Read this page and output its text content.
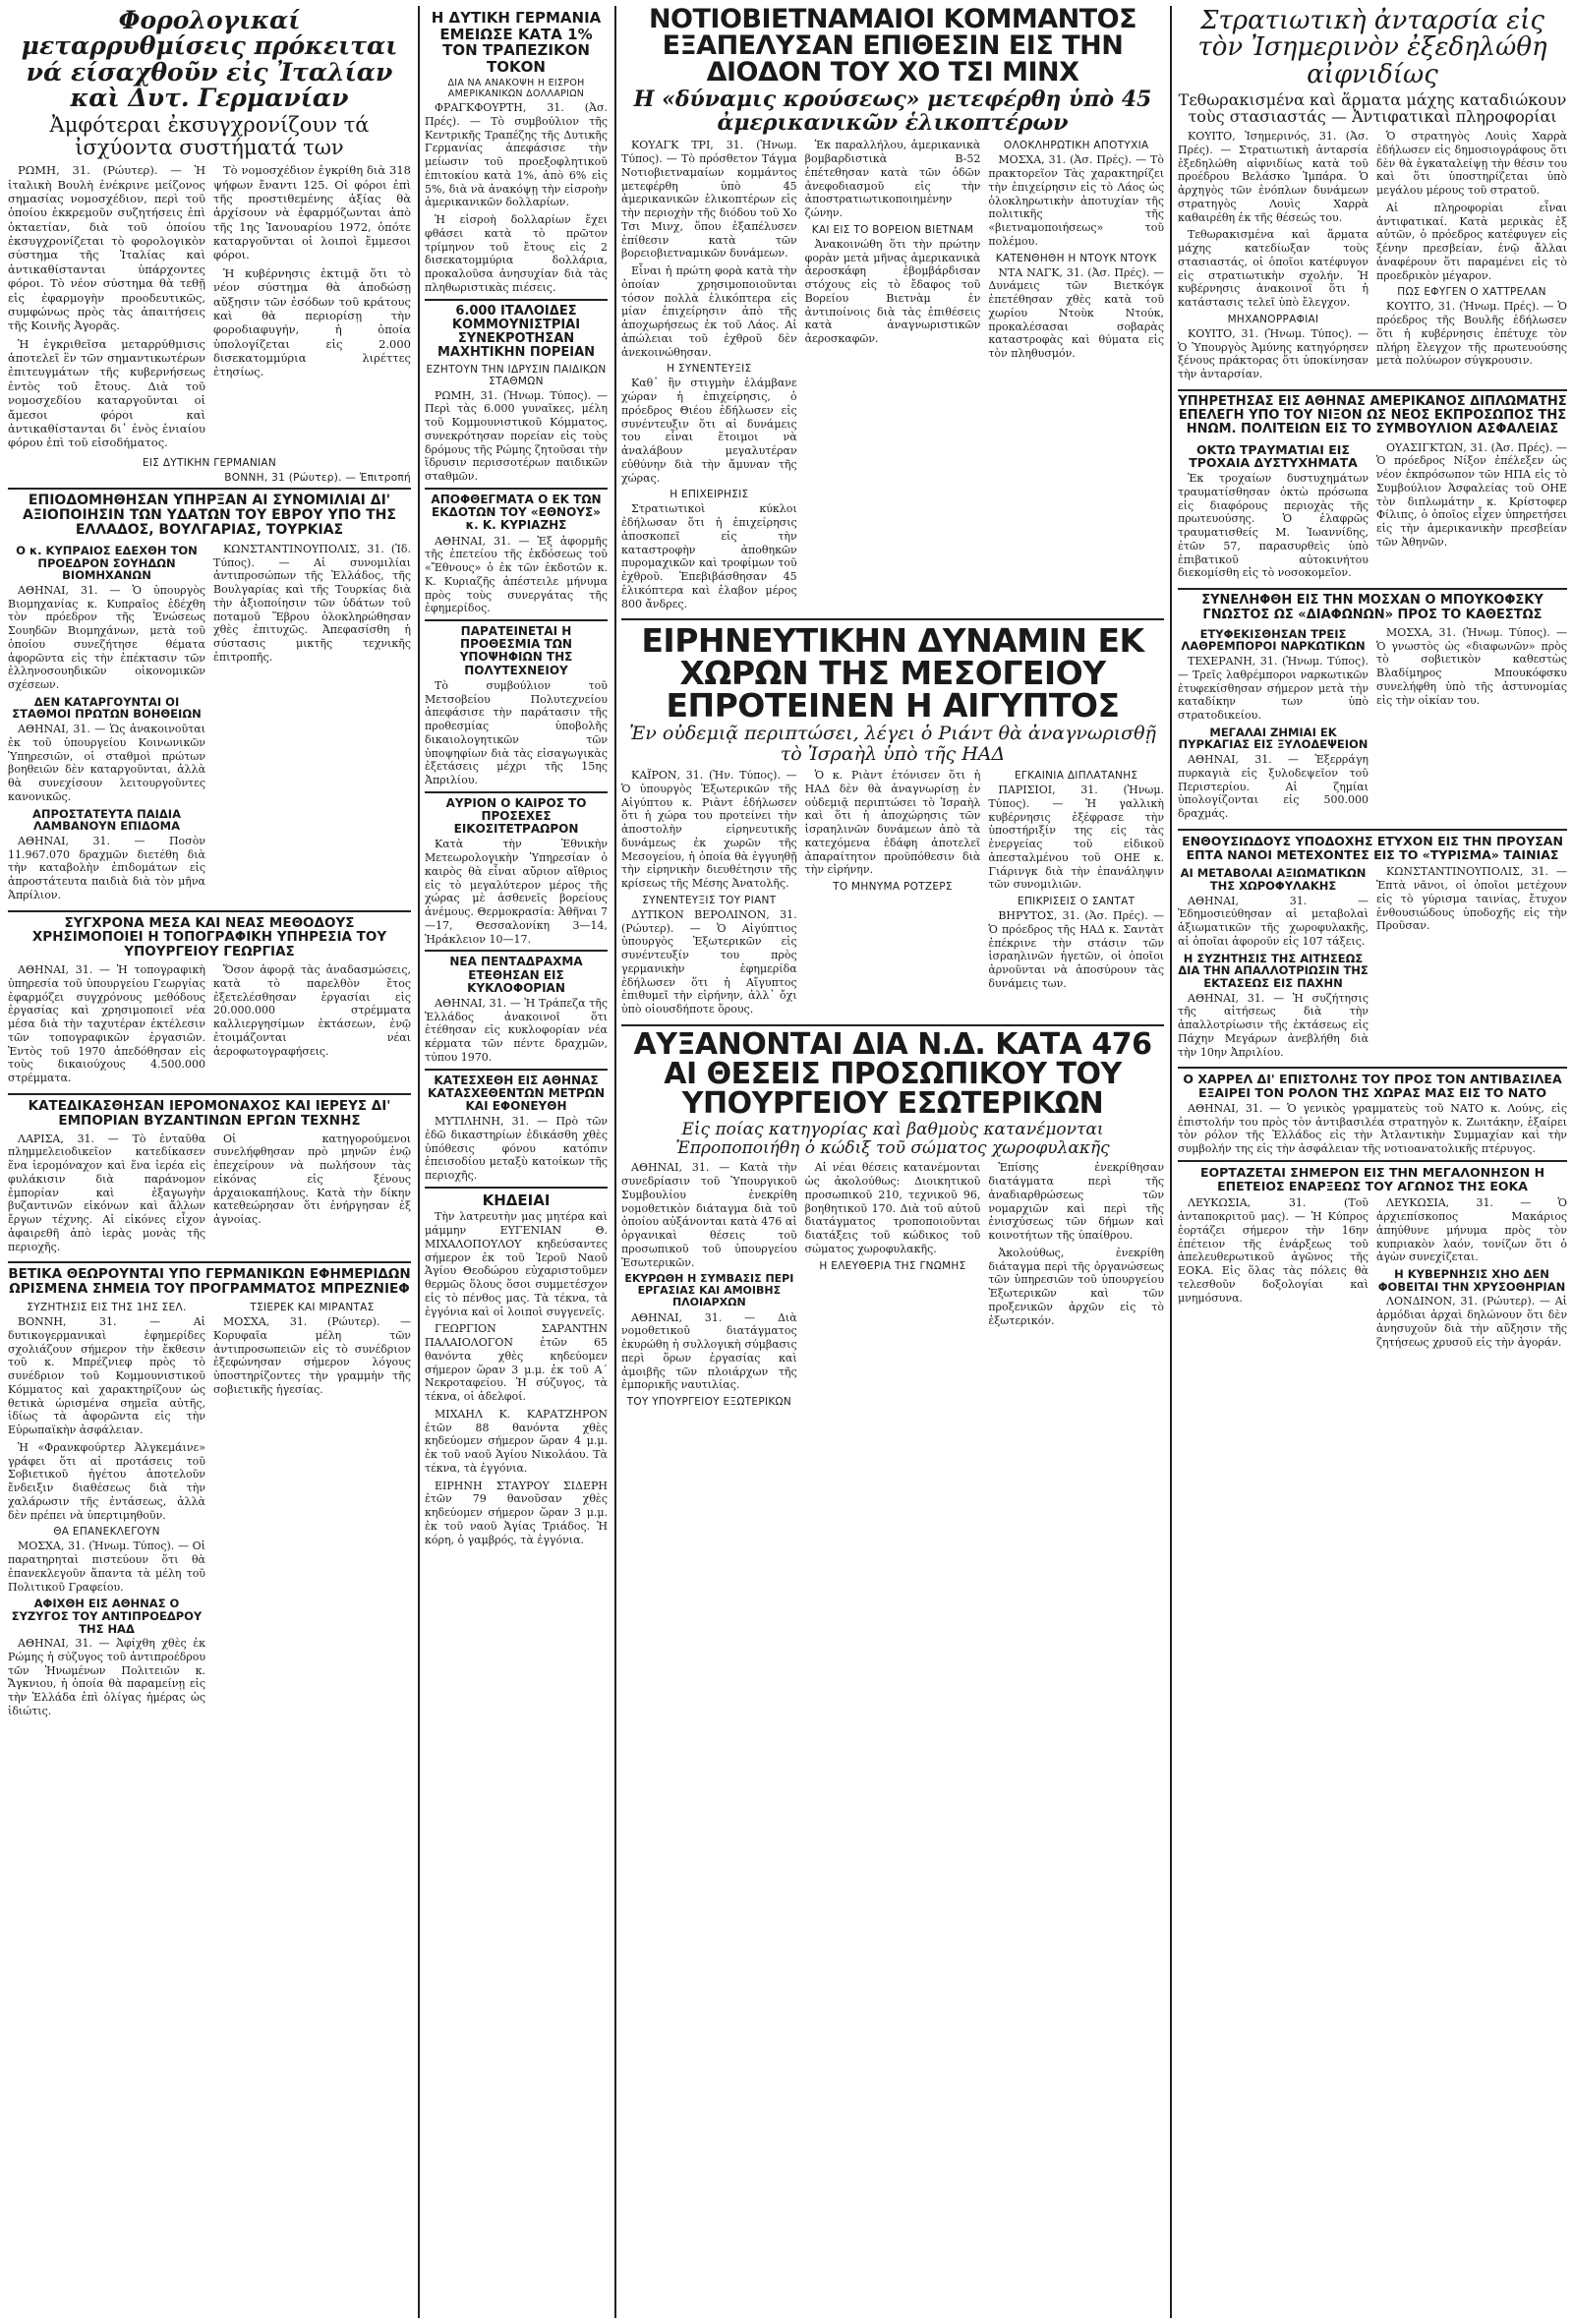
Φορολογικαί μεταρρυθμίσεις πρόκειται νά είσαχθοῦν εἰς Ἰταλίαν καὶ Δυτ. Γερμανίαν
Ἀμφότεραι ἐκσυγχρονίζουν τά ἰσχύοντα συστήματά των

ΡΩΜΗ, 31. (Ρώυτερ). — Ἡ ἰταλικὴ Βουλὴ ἐνέκρινε μείζονος σημασίας νομοσχέδιον, περὶ τοῦ ὁποίου ἐκκρεμοῦν συζητήσεις ἐπὶ ὁκταετίαν, διὰ τοῦ ὁποίου ἐκσυγχρονίζεται τὸ φορολογικὸν σύστημα τῆς Ἰταλίας καὶ ἀντικαθίστανται ὑπάρχοντες φόροι. Τὸ νέον σύστημα θὰ τεθῇ εἰς ἐφαρμογὴν προοδευτικῶς, συμφώνως πρὸς τὰς ἀπαιτήσεις τῆς Κοινῆς Ἀγορᾶς.

Ἡ ἐγκριθεῖσα μεταρρύθμισις ἀποτελεῖ ἓν τῶν σημαντικωτέρων ἐπιτευγμάτων τῆς κυβερνήσεως ἐντὸς τοῦ ἔτους. Διὰ τοῦ νομοσχεδίου καταργοῦνται οἱ ἄμεσοι φόροι καὶ ἀντικαθίστανται δι᾿ ἑνὸς ἑνιαίου φόρου ἐπὶ τοῦ εἰσοδήματος.

Τὸ νομοσχέδιον ἐγκρίθη διὰ 318 ψήφων ἔναντι 125. Οἱ φόροι ἐπὶ τῆς προστιθεμένης ἀξίας θὰ ἀρχίσουν νὰ ἐφαρμόζωνται ἀπὸ τῆς 1ης Ἰανουαρίου 1972, ὁπότε καταργοῦνται οἱ λοιποὶ ἔμμεσοι φόροι.

Ἡ κυβέρνησις ἐκτιμᾷ ὅτι τὸ νέον σύστημα θὰ ἀποδώσῃ αὔξησιν τῶν ἐσόδων τοῦ κράτους καὶ θὰ περιορίσῃ τὴν φοροδιαφυγήν, ἡ ὁποία ὑπολογίζεται εἰς 2.000 δισεκατομμύρια λιρέττες ἐτησίως.

ΕΙΣ ΔΥΤΙΚΗΝ ΓΕΡΜΑΝΙΑΝ
ΒΟΝΝΗ, 31 (Ρώυτερ). — Ἐπιτροπή
ΕΠΙΟΔΟΜΗΘΗΣΑΝ ΥΠΗΡΞΑΝ ΑΙ ΣΥΝΟΜΙΛΙΑΙ ΔΙ' ΑΞΙΟΠΟΙΗΣΙΝ ΤΩΝ ΥΔΑΤΩΝ ΤΟΥ ΕΒΡΟΥ ΥΠΟ ΤΗΣ ΕΛΛΑΔΟΣ, ΒΟΥΛΓΑΡΙΑΣ, ΤΟΥΡΚΙΑΣ
Ο κ. ΚΥΠΡΑΙΟΣ ΕΔΕΧΘΗ ΤΟΝ ΠΡΟΕΔΡΟΝ ΣΟΥΗΔΩΝ ΒΙΟΜΗΧΑΝΩΝ

ΑΘΗΝΑΙ, 31. — Ὁ ὑπουργὸς Βιομηχανίας κ. Κυπραῖος ἐδέχθη τὸν πρόεδρον τῆς Ἑνώσεως Σουηδῶν Βιομηχάνων, μετὰ τοῦ ὁποίου συνεζήτησε θέματα ἀφορῶντα εἰς τὴν ἐπέκτασιν τῶν ἑλληνοσουηδικῶν οἰκονομικῶν σχέσεων.

ΔΕΝ ΚΑΤΑΡΓΟΥΝΤΑΙ ΟΙ ΣΤΑΘΜΟΙ ΠΡΩΤΩΝ ΒΟΗΘΕΙΩΝ

ΑΘΗΝΑΙ, 31. — Ὡς ἀνακοινοῦται ἐκ τοῦ ὑπουργείου Κοινωνικῶν Ὑπηρεσιῶν, οἱ σταθμοὶ πρώτων βοηθειῶν δὲν καταργοῦνται, ἀλλὰ θὰ συνεχίσουν λειτουργοῦντες κανονικῶς.

ΑΠΡΟΣΤΑΤΕΥΤΑ ΠΑΙΔΙΑ ΛΑΜΒΑΝΟΥΝ ΕΠΙΔΟΜΑ

ΑΘΗΝΑΙ, 31. — Ποσὸν 11.967.070 δραχμῶν διετέθη διὰ τὴν καταβολὴν ἐπιδομάτων εἰς ἀπροστάτευτα παιδιὰ διὰ τὸν μῆνα Ἀπρίλιον.

ΚΩΝΣΤΑΝΤΙΝΟΥΠΟΛΙΣ, 31. (Ἰδ. Τύπος). — Αἱ συνομιλίαι ἀντιπροσώπων τῆς Ἑλλάδος, τῆς Βουλγαρίας καὶ τῆς Τουρκίας διὰ τὴν ἀξιοποίησιν τῶν ὑδάτων τοῦ ποταμοῦ Ἕβρου ὁλοκληρώθησαν χθὲς ἐπιτυχῶς. Ἀπεφασίσθη ἡ σύστασις μικτῆς τεχνικῆς ἐπιτροπῆς.

ΣΥΓΧΡΟΝΑ ΜΕΣΑ ΚΑΙ ΝΕΑΣ ΜΕΘΟΔΟΥΣ ΧΡΗΣΙΜΟΠΟΙΕΙ Η ΤΟΠΟΓΡΑΦΙΚΗ ΥΠΗΡΕΣΙΑ ΤΟΥ ΥΠΟΥΡΓΕΙΟΥ ΓΕΩΡΓΙΑΣ

ΑΘΗΝΑΙ, 31. — Ἡ τοπογραφικὴ ὑπηρεσία τοῦ ὑπουργείου Γεωργίας ἐφαρμόζει συγχρόνους μεθόδους ἐργασίας καὶ χρησιμοποιεῖ νέα μέσα διὰ τὴν ταχυτέραν ἐκτέλεσιν τῶν τοπογραφικῶν ἐργασιῶν. Ἐντὸς τοῦ 1970 ἀπεδόθησαν εἰς τοὺς δικαιούχους 4.500.000 στρέμματα.

Ὅσον ἀφορᾷ τὰς ἀναδασμώσεις, κατὰ τὸ παρελθὸν ἔτος ἐξετελέσθησαν ἐργασίαι εἰς 20.000.000 στρέμματα καλλιεργησίμων ἐκτάσεων, ἐνῷ ἐτοιμάζονται νέαι ἀεροφωτογραφήσεις.

ΚΑΤΕΔΙΚΑΣΘΗΣΑΝ ΙΕΡΟΜΟΝΑΧΟΣ ΚΑΙ ΙΕΡΕΥΣ ΔΙ' ΕΜΠΟΡΙΑΝ ΒΥΖΑΝΤΙΝΩΝ ΕΡΓΩΝ ΤΕΧΝΗΣ

ΛΑΡΙΣΑ, 31. — Τὸ ἐνταῦθα πλημμελειοδικεῖον κατεδίκασεν ἕνα ἱερομόναχον καὶ ἕνα ἱερέα εἰς φυλάκισιν διὰ παράνομον ἐμπορίαν καὶ ἐξαγωγὴν βυζαντινῶν εἰκόνων καὶ ἄλλων ἔργων τέχνης. Αἱ εἰκόνες εἶχον ἀφαιρεθῆ ἀπὸ ἱερὰς μονὰς τῆς περιοχῆς.

Οἱ κατηγορούμενοι συνελήφθησαν πρὸ μηνῶν ἐνῷ ἐπεχείρουν νὰ πωλήσουν τὰς εἰκόνας εἰς ξένους ἀρχαιοκαπήλους. Κατὰ τὴν δίκην κατεθεώρησαν ὅτι ἐνήργησαν ἐξ ἀγνοίας.

ΒΕΤΙΚΑ ΘΕΩΡΟΥΝΤΑΙ ΥΠΟ ΓΕΡΜΑΝΙΚΩΝ ΕΦΗΜΕΡΙΔΩΝ ΩΡΙΣΜΕΝΑ ΣΗΜΕΙΑ ΤΟΥ ΠΡΟΓΡΑΜΜΑΤΟΣ ΜΠΡΕΖΝΙΕΦ
ΣΥΖΗΤΗΣΙΣ ΕΙΣ ΤΗΣ 1ΗΣ ΣΕΛ.

ΒΟΝΝΗ, 31. — Αἱ δυτικογερμανικαὶ ἐφημερίδες σχολιάζουν σήμερον τὴν ἔκθεσιν τοῦ κ. Μπρέζνιεφ πρὸς τὸ συνέδριον τοῦ Κομμουνιστικοῦ Κόμματος καὶ χαρακτηρίζουν ὡς θετικὰ ὡρισμένα σημεῖα αὐτῆς, ἰδίως τὰ ἀφορῶντα εἰς τὴν Εὐρωπαϊκὴν ἀσφάλειαν.

Ἡ «Φρανκφούρτερ Ἀλγκεμάινε» γράφει ὅτι αἱ προτάσεις τοῦ Σοβιετικοῦ ἡγέτου ἀποτελοῦν ἔνδειξιν διαθέσεως διὰ τὴν χαλάρωσιν τῆς ἐντάσεως, ἀλλὰ δὲν πρέπει νὰ ὑπερτιμηθοῦν.

ΘΑ ΕΠΑΝΕΚΛΕΓΟΥΝ

ΜΟΣΧΑ, 31. (Ἠνωμ. Τύπος). — Οἱ παρατηρηταὶ πιστεύουν ὅτι θὰ ἐπανεκλεγοῦν ἅπαντα τὰ μέλη τοῦ Πολιτικοῦ Γραφείου.

ΑΦΙΧΘΗ ΕΙΣ ΑΘΗΝΑΣ Ο ΣΥΖΥΓΟΣ ΤΟΥ ΑΝΤΙΠΡΟΕΔΡΟΥ ΤΗΣ ΗΑΔ

ΑΘΗΝΑΙ, 31. — Ἀφίχθη χθὲς ἐκ Ρώμης ἡ σύζυγος τοῦ ἀντιπροέδρου τῶν Ἡνωμένων Πολιτειῶν κ. Ἄγκνιου, ἡ ὁποία θὰ παραμείνῃ εἰς τὴν Ἑλλάδα ἐπὶ ὀλίγας ἡμέρας ὡς ἰδιώτις.

ΤΣΙΕΡΕΚ ΚΑΙ ΜΙΡΑΝΤΑΣ

ΜΟΣΧΑ, 31. (Ρώυτερ). — Κορυφαῖα μέλη τῶν ἀντιπροσωπειῶν εἰς τὸ συνέδριον ἐξεφώνησαν σήμερον λόγους ὑποστηρίζοντες τὴν γραμμὴν τῆς σοβιετικῆς ἡγεσίας.

Η ΔΥΤΙΚΗ ΓΕΡΜΑΝΙΑ ΕΜΕΙΩΣΕ ΚΑΤΑ 1% ΤΟΝ ΤΡΑΠΕΖΙΚΟΝ ΤΟΚΟΝ
ΔΙΑ ΝΑ ΑΝΑΚΟΨΗ Η ΕΙΣΡΟΗ ΑΜΕΡΙΚΑΝΙΚΩΝ ΔΟΛΛΑΡΙΩΝ

ΦΡΑΓΚΦΟΥΡΤΗ, 31. (Ἀσ. Πρές). — Τὸ συμβούλιον τῆς Κεντρικῆς Τραπέζης τῆς Δυτικῆς Γερμανίας ἀπεφάσισε τὴν μείωσιν τοῦ προεξοφλητικοῦ ἐπιτοκίου κατὰ 1%, ἀπὸ 6% εἰς 5%, διὰ νὰ ἀνακόψῃ τὴν εἰσροὴν ἀμερικανικῶν δολλαρίων.

Ἡ εἰσροὴ δολλαρίων ἔχει φθάσει κατὰ τὸ πρῶτον τρίμηνον τοῦ ἔτους εἰς 2 δισεκατομμύρια δολλάρια, προκαλοῦσα ἀνησυχίαν διὰ τὰς πληθωριστικὰς πιέσεις.

6.000 ΙΤΑΛΟΙΔΕΣ ΚΟΜΜΟΥΝΙΣΤΡΙΑΙ ΣΥΝΕΚΡΟΤΗΣΑΝ ΜΑΧΗΤΙΚΗΝ ΠΟΡΕΙΑΝ
ΕΖΗΤΟΥΝ ΤΗΝ ΙΔΡΥΣΙΝ ΠΑΙΔΙΚΩΝ ΣΤΑΘΜΩΝ

ΡΩΜΗ, 31. (Ἠνωμ. Τύπος). — Περὶ τὰς 6.000 γυναῖκες, μέλη τοῦ Κομμουνιστικοῦ Κόμματος, συνεκρότησαν πορείαν εἰς τοὺς δρόμους τῆς Ρώμης ζητοῦσαι τὴν ἵδρυσιν περισσοτέρων παιδικῶν σταθμῶν.

ΑΠΟΦΘΕΓΜΑΤΑ Ο ΕΚ ΤΩΝ ΕΚΔΟΤΩΝ ΤΟΥ «ΕΘΝΟΥΣ» κ. Κ. ΚΥΡΙΑΖΗΣ

ΑΘΗΝΑΙ, 31. — Ἐξ ἀφορμῆς τῆς ἐπετείου τῆς ἐκδόσεως τοῦ «Ἔθνους» ὁ ἐκ τῶν ἐκδοτῶν κ. Κ. Κυριαζῆς ἀπέστειλε μήνυμα πρὸς τοὺς συνεργάτας τῆς ἐφημερίδος.

ΠΑΡΑΤΕΙΝΕΤΑΙ Η ΠΡΟΘΕΣΜΙΑ ΤΩΝ ΥΠΟΨΗΦΙΩΝ ΤΗΣ ΠΟΛΥΤΕΧΝΕΙΟΥ

Τὸ συμβούλιον τοῦ Μετσοβείου Πολυτεχνείου ἀπεφάσισε τὴν παράτασιν τῆς προθεσμίας ὑποβολῆς δικαιολογητικῶν τῶν ὑποψηφίων διὰ τὰς εἰσαγωγικὰς ἐξετάσεις μέχρι τῆς 15ης Ἀπριλίου.

ΑΥΡΙΟΝ Ο ΚΑΙΡΟΣ ΤΟ ΠΡΟΣΕΧΕΣ ΕΙΚΟΣΙΤΕΤΡΑΩΡΟΝ

Κατὰ τὴν Ἐθνικὴν Μετεωρολογικὴν Ὑπηρεσίαν ὁ καιρὸς θὰ εἶναι αὔριον αἴθριος εἰς τὸ μεγαλύτερον μέρος τῆς χώρας μὲ ἀσθενεῖς βορείους ἀνέμους. Θερμοκρασία: Ἀθῆναι 7—17, Θεσσαλονίκη 3—14, Ἡράκλειον 10—17.

ΝΕΑ ΠΕΝΤΑΔΡΑΧΜΑ ΕΤΕΘΗΣΑΝ ΕΙΣ ΚΥΚΛΟΦΟΡΙΑΝ

ΑΘΗΝΑΙ, 31. — Ἡ Τράπεζα τῆς Ἑλλάδος ἀνακοινοῖ ὅτι ἐτέθησαν εἰς κυκλοφορίαν νέα κέρματα τῶν πέντε δραχμῶν, τύπου 1970.

ΚΑΤΕΣΧΕΘΗ ΕΙΣ ΑΘΗΝΑΣ ΚΑΤΑΣΧΕΘΕΝΤΩΝ ΜΕΤΡΩΝ ΚΑΙ ΕΦΟΝΕΥΘΗ

ΜΥΤΙΛΗΝΗ, 31. — Πρὸ τῶν ἐδῶ δικαστηρίων ἐδικάσθη χθὲς ὑπόθεσις φόνου κατόπιν ἐπεισοδίου μεταξὺ κατοίκων τῆς περιοχῆς.

ΚΗΔΕΙΑΙ

Τὴν λατρευτὴν μας μητέρα καὶ μάμμην ΕΥΓΕΝΙΑΝ Θ. ΜΙΧΑΛΟΠΟΥΛΟΥ κηδεύσαντες σήμερον ἐκ τοῦ Ἱεροῦ Ναοῦ Ἁγίου Θεοδώρου εὐχαριστοῦμεν θερμῶς ὅλους ὅσοι συμμετέσχον εἰς τὸ πένθος μας. Τὰ τέκνα, τὰ ἐγγόνια καὶ οἱ λοιποὶ συγγενεῖς.

ΓΕΩΡΓΙΟΝ ΣΑΡΑΝΤΗΝ ΠΑΛΑΙΟΛΟΓΟΝ ἐτῶν 65 θανόντα χθὲς κηδεύομεν σήμερον ὥραν 3 μ.μ. ἐκ τοῦ Α΄ Νεκροταφείου. Ἡ σύζυγος, τὰ τέκνα, οἱ ἀδελφοί.

ΜΙΧΑΗΛ Κ. ΚΑΡΑΤΖΗΡΟΝ ἐτῶν 88 θανόντα χθὲς κηδεύομεν σήμερον ὥραν 4 μ.μ. ἐκ τοῦ ναοῦ Ἁγίου Νικολάου. Τὰ τέκνα, τὰ ἐγγόνια.

ΕΙΡΗΝΗ ΣΤΑΥΡΟΥ ΣΙΔΕΡΗ ἐτῶν 79 θανοῦσαν χθὲς κηδεύομεν σήμερον ὥραν 3 μ.μ. ἐκ τοῦ ναοῦ Ἁγίας Τριάδος. Ἡ κόρη, ὁ γαμβρός, τὰ ἐγγόνια.

ΝΟΤΙΟΒΙΕΤΝΑΜΑΙΟΙ ΚΟΜΜΑΝΤΟΣ ΕΞΑΠΕΛΥΣΑΝ ΕΠΙΘΕΣΙΝ ΕΙΣ ΤΗΝ ΔΙΟΔΟΝ ΤΟΥ ΧΟ ΤΣΙ ΜΙΝΧ
Η «δύναμις κρούσεως» μετεφέρθη ὑπὸ 45 ἀμερικανικῶν ἑλικοπτέρων

ΚΟΥΑΓΚ ΤΡΙ, 31. (Ἠνωμ. Τύπος). — Τὸ πρόσθετον Τάγμα Νοτιοβιετναμαίων κομμάντος μετεφέρθη ὑπὸ 45 ἀμερικανικῶν ἑλικοπτέρων εἰς τὴν περιοχὴν τῆς διόδου τοῦ Χο Τσι Μινχ, ὅπου ἐξαπέλυσεν ἐπίθεσιν κατὰ τῶν βορειοβιετναμικῶν δυνάμεων.

Εἶναι ἡ πρώτη φορὰ κατὰ τὴν ὁποίαν χρησιμοποιοῦνται τόσον πολλὰ ἑλικόπτερα εἰς μίαν ἐπιχείρησιν ἀπὸ τῆς ἀποχωρήσεως ἐκ τοῦ Λάος. Αἱ ἀπώλειαι τοῦ ἐχθροῦ δὲν ἀνεκοινώθησαν.

Η ΣΥΝΕΝΤΕΥΞΙΣ

Καθ᾿ ἣν στιγμὴν ἐλάμβανε χώραν ἡ ἐπιχείρησις, ὁ πρόεδρος Θιέου ἐδήλωσεν εἰς συνέντευξιν ὅτι αἱ δυνάμεις του εἶναι ἕτοιμοι νὰ ἀναλάβουν μεγαλυτέραν εὐθύνην διὰ τὴν ἄμυναν τῆς χώρας.

Η ΕΠΙΧΕΙΡΗΣΙΣ

Στρατιωτικοὶ κύκλοι ἐδήλωσαν ὅτι ἡ ἐπιχείρησις ἀποσκοπεῖ εἰς τὴν καταστροφὴν ἀποθηκῶν πυρομαχικῶν καὶ τροφίμων τοῦ ἐχθροῦ. Ἐπεβιβάσθησαν 45 ἑλικόπτερα καὶ ἐλαβον μέρος 800 ἄνδρες.

Ἐκ παραλλήλου, ἀμερικανικὰ βομβαρδιστικὰ Β-52 ἐπέτεθησαν κατὰ τῶν ὀδῶν ἀνεφοδιασμοῦ εἰς τὴν ἀποστρατιωτικοποιημένην ζώνην.

ΚΑΙ ΕΙΣ ΤΟ ΒΟΡΕΙΟΝ ΒΙΕΤΝΑΜ

Ἀνακοινώθη ὅτι τὴν πρώτην φορὰν μετὰ μῆνας ἀμερικανικὰ ἀεροσκάφη ἐβομβάρδισαν στόχους εἰς τὸ ἔδαφος τοῦ Βορείου Βιετνὰμ ἐν ἀντιποίνοις διὰ τὰς ἐπιθέσεις κατὰ ἀναγνωριστικῶν ἀεροσκαφῶν.

ΟΛΟΚΛΗΡΩΤΙΚΗ ΑΠΟΤΥΧΙΑ

ΜΟΣΧΑ, 31. (Ἀσ. Πρές). — Τὸ πρακτορεῖον Τὰς χαρακτηρίζει τὴν ἐπιχείρησιν εἰς τὸ Λάος ὡς ὁλοκληρωτικὴν ἀποτυχίαν τῆς πολιτικῆς τῆς «βιετναμοποιήσεως» τοῦ πολέμου.

ΚΑΤΕΝΘΗΘΗ Η ΝΤΟΥΚ ΝΤΟΥΚ

ΝΤΑ ΝΑΓΚ, 31. (Ἀσ. Πρές). — Δυνάμεις τῶν Βιετκόγκ ἐπετέθησαν χθὲς κατὰ τοῦ χωρίου Ντοὺκ Ντούκ, προκαλέσασαι σοβαρὰς καταστροφὰς καὶ θύματα εἰς τὸν πληθυσμόν.

ΕΙΡΗΝΕΥΤΙΚΗΝ ΔΥΝΑΜΙΝ ΕΚ ΧΩΡΩΝ ΤΗΣ ΜΕΣΟΓΕΙΟΥ ΕΠΡΟΤΕΙΝΕΝ Η ΑΙΓΥΠΤΟΣ
Ἐν οὐδεμιᾷ περιπτώσει, λέγει ὁ Ριάντ θὰ ἀναγνωρισθῇ τὸ Ἰσραὴλ ὑπὸ τῆς ΗΑΔ

ΚΑΪΡΟΝ, 31. (Ἠν. Τύπος). — Ὁ ὑπουργὸς Ἐξωτερικῶν τῆς Αἰγύπτου κ. Ριὰντ ἐδήλωσεν ὅτι ἡ χώρα του προτείνει τὴν ἀποστολὴν εἰρηνευτικῆς δυνάμεως ἐκ χωρῶν τῆς Μεσογείου, ἡ ὁποία θὰ ἐγγυηθῇ τὴν εἰρηνικὴν διευθέτησιν τῆς κρίσεως τῆς Μέσης Ἀνατολῆς.

ΣΥΝΕΝΤΕΥΞΙΣ ΤΟΥ ΡΙΑΝΤ

ΔΥΤΙΚΟΝ ΒΕΡΟΛΙΝΟΝ, 31. (Ρώυτερ). — Ὁ Αἰγύπτιος ὑπουργὸς Ἐξωτερικῶν εἰς συνέντευξίν του πρὸς γερμανικὴν ἐφημερίδα ἐδήλωσεν ὅτι ἡ Αἴγυπτος ἐπιθυμεῖ τὴν εἰρήνην, ἀλλ᾿ ὄχι ὑπὸ οἱουσδήποτε ὅρους.

Ὁ κ. Ριὰντ ἐτόνισεν ὅτι ἡ ΗΑΔ δὲν θὰ ἀναγνωρίσῃ ἐν οὐδεμιᾷ περιπτώσει τὸ Ἰσραὴλ καὶ ὅτι ἡ ἀποχώρησις τῶν ἰσραηλινῶν δυνάμεων ἀπὸ τὰ κατεχόμενα ἐδάφη ἀποτελεῖ ἀπαραίτητον προϋπόθεσιν διὰ τὴν εἰρήνην.

ΤΟ ΜΗΝΥΜΑ ΡΟΤΖΕΡΣ
ΕΓΚΑΙΝΙΑ ΔΙΠΛΑΤΑΝΗΣ

ΠΑΡΙΣΙΟΙ, 31. (Ἠνωμ. Τύπος). — Ἡ γαλλικὴ κυβέρνησις ἐξέφρασε τὴν ὑποστήριξίν της εἰς τὰς ἐνεργείας τοῦ εἰδικοῦ ἀπεσταλμένου τοῦ ΟΗΕ κ. Γιάρινγκ διὰ τὴν ἐπανάληψιν τῶν συνομιλιῶν.

ΕΠΙΚΡΙΣΕΙΣ Ο ΣΑΝΤΑΤ

ΒΗΡΥΤΟΣ, 31. (Ἀσ. Πρές). — Ὁ πρόεδρος τῆς ΗΑΔ κ. Σαντὰτ ἐπέκρινε τὴν στάσιν τῶν ἰσραηλινῶν ἡγετῶν, οἱ ὁποῖοι ἀρνοῦνται νὰ ἀποσύρουν τὰς δυνάμεις των.

ΑΥΞΑΝΟΝΤΑΙ ΔΙΑ Ν.Δ. ΚΑΤΑ 476 ΑΙ ΘΕΣΕΙΣ ΠΡΟΣΩΠΙΚΟΥ ΤΟΥ ΥΠΟΥΡΓΕΙΟΥ ΕΣΩΤΕΡΙΚΩΝ
Εἰς ποίας κατηγορίας καὶ βαθμοὺς κατανέμονται Ἐπροποποιήθη ὁ κώδιξ τοῦ σώματος χωροφυλακῆς

ΑΘΗΝΑΙ, 31. — Κατὰ τὴν συνεδρίασιν τοῦ Ὑπουργικοῦ Συμβουλίου ἐνεκρίθη νομοθετικὸν διάταγμα διὰ τοῦ ὁποίου αὐξάνονται κατὰ 476 αἱ ὀργανικαὶ θέσεις τοῦ προσωπικοῦ τοῦ ὑπουργείου Ἐσωτερικῶν.

ΕΚΥΡΩΘΗ Η ΣΥΜΒΑΣΙΣ ΠΕΡΙ ΕΡΓΑΣΙΑΣ ΚΑΙ ΑΜΟΙΒΗΣ ΠΛΟΙΑΡΧΩΝ

ΑΘΗΝΑΙ, 31. — Διὰ νομοθετικοῦ διατάγματος ἐκυρώθη ἡ συλλογικὴ σύμβασις περὶ ὅρων ἐργασίας καὶ ἀμοιβῆς τῶν πλοιάρχων τῆς ἐμπορικῆς ναυτιλίας.

ΤΟΥ ΥΠΟΥΡΓΕΙΟΥ ΕΞΩΤΕΡΙΚΩΝ

Αἱ νέαι θέσεις κατανέμονται ὡς ἀκολούθως: Διοικητικοῦ προσωπικοῦ 210, τεχνικοῦ 96, βοηθητικοῦ 170. Διὰ τοῦ αὐτοῦ διατάγματος τροποποιοῦνται διατάξεις τοῦ κώδικος τοῦ σώματος χωροφυλακῆς.

Η ΕΛΕΥΘΕΡΙΑ ΤΗΣ ΓΝΩΜΗΣ

Ἐπίσης ἐνεκρίθησαν διατάγματα περὶ τῆς ἀναδιαρθρώσεως τῶν νομαρχιῶν καὶ περὶ τῆς ἐνισχύσεως τῶν δήμων καὶ κοινοτήτων τῆς ὑπαίθρου.

Ἀκολούθως, ἐνεκρίθη διάταγμα περὶ τῆς ὀργανώσεως τῶν ὑπηρεσιῶν τοῦ ὑπουργείου Ἐξωτερικῶν καὶ τῶν προξενικῶν ἀρχῶν εἰς τὸ ἐξωτερικόν.

Στρατιωτικὴ ἀνταρσία εἰς τὸν Ἰσημερινὸν ἐξεδηλώθη αἰφνιδίως
Τεθωρακισμένα καὶ ἅρματα μάχης καταδιώκουν τοὺς στασιαστάς — Ἀντιφατικαὶ πληροφορίαι

ΚΟΥΙΤΟ, Ἰσημερινός, 31. (Ἀσ. Πρές). — Στρατιωτικὴ ἀνταρσία ἐξεδηλώθη αἰφνιδίως κατὰ τοῦ προέδρου Βελάσκο Ἰμπάρα. Ὁ ἀρχηγὸς τῶν ἐνόπλων δυνάμεων στρατηγὸς Λουὶς Χαρρὰ καθαιρέθη ἐκ τῆς θέσεώς του.

Τεθωρακισμένα καὶ ἅρματα μάχης κατεδίωξαν τοὺς στασιαστάς, οἱ ὁποῖοι κατέφυγον εἰς στρατιωτικὴν σχολήν. Ἡ κυβέρνησις ἀνακοινοῖ ὅτι ἡ κατάστασις τελεῖ ὑπὸ ἔλεγχον.

ΜΗΧΑΝΟΡΡΑΦΙΑΙ

ΚΟΥΙΤΟ, 31. (Ἠνωμ. Τύπος). — Ὁ Ὑπουργὸς Ἀμύνης κατηγόρησεν ξένους πράκτορας ὅτι ὑποκίνησαν τὴν ἀνταρσίαν.

Ὁ στρατηγὸς Λουὶς Χαρρὰ ἐδήλωσεν εἰς δημοσιογράφους ὅτι δὲν θὰ ἐγκαταλείψῃ τὴν θέσιν του καὶ ὅτι ὑποστηρίζεται ὑπὸ μεγάλου μέρους τοῦ στρατοῦ.

Αἱ πληροφορίαι εἶναι ἀντιφατικαί. Κατὰ μερικὰς ἐξ αὐτῶν, ὁ πρόεδρος κατέφυγεν εἰς ξένην πρεσβείαν, ἐνῷ ἄλλαι ἀναφέρουν ὅτι παραμένει εἰς τὸ προεδρικὸν μέγαρον.

ΠΩΣ ΕΦΥΓΕΝ Ο ΧΑΤΤΡΕΛΑΝ

ΚΟΥΙΤΟ, 31. (Ἠνωμ. Πρές). — Ὁ πρόεδρος τῆς Βουλῆς ἐδήλωσεν ὅτι ἡ κυβέρνησις ἐπέτυχε τὸν πλήρη ἔλεγχον τῆς πρωτευούσης μετὰ πολύωρον σύγκρουσιν.

ΥΠΗΡΕΤΗΣΑΣ ΕΙΣ ΑΘΗΝΑΣ ΑΜΕΡΙΚΑΝΟΣ ΔΙΠΛΩΜΑΤΗΣ ΕΠΕΛΕΓΗ ΥΠΟ ΤΟΥ ΝΙΞΟΝ ΩΣ ΝΕΟΣ ΕΚΠΡΟΣΩΠΟΣ ΤΗΣ ΗΝΩΜ. ΠΟΛΙΤΕΙΩΝ ΕΙΣ ΤΟ ΣΥΜΒΟΥΛΙΟΝ ΑΣΦΑΛΕΙΑΣ
ΟΚΤΩ ΤΡΑΥΜΑΤΙΑΙ ΕΙΣ ΤΡΟΧΑΙΑ ΔΥΣΤΥΧΗΜΑΤΑ

Ἐκ τροχαίων δυστυχημάτων τραυματίσθησαν ὀκτὼ πρόσωπα εἰς διαφόρους περιοχὰς τῆς πρωτευούσης. Ὁ ἐλαφρῶς τραυματισθείς Μ. Ἰωαννίδης, ἐτῶν 57, παρασυρθεὶς ὑπὸ ἐπιβατικοῦ αὐτοκινήτου διεκομίσθη εἰς τὸ νοσοκομεῖον.

ΟΥΑΣΙΓΚΤΩΝ, 31. (Ἀσ. Πρές). — Ὁ πρόεδρος Νίξον ἐπέλεξεν ὡς νέον ἐκπρόσωπον τῶν ΗΠΑ εἰς τὸ Συμβούλιον Ἀσφαλείας τοῦ ΟΗΕ τὸν διπλωμάτην κ. Κρίστοφερ Φίλιπς, ὁ ὁποῖος εἶχεν ὑπηρετήσει εἰς τὴν ἀμερικανικὴν πρεσβείαν τῶν Ἀθηνῶν.

ΣΥΝΕΛΗΦΘΗ ΕΙΣ ΤΗΝ ΜΟΣΧΑΝ Ο ΜΠΟΥΚΟΦΣΚΥ ΓΝΩΣΤΟΣ ΩΣ «ΔΙΑΦΩΝΩΝ» ΠΡΟΣ ΤΟ ΚΑΘΕΣΤΩΣ
ΕΤΥΦΕΚΙΣΘΗΣΑΝ ΤΡΕΙΣ ΛΑΘΡΕΜΠΟΡΟΙ ΝΑΡΚΩΤΙΚΩΝ

ΤΕΧΕΡΑΝΗ, 31. (Ἠνωμ. Τύπος). — Τρεῖς λαθρέμποροι ναρκωτικῶν ἐτυφεκίσθησαν σήμερον μετὰ τὴν καταδίκην των ὑπὸ στρατοδικείου.

ΜΕΓΑΛΑΙ ΖΗΜΙΑΙ ΕΚ ΠΥΡΚΑΓΙΑΣ ΕΙΣ ΞΥΛΟΔΕΨΕΙΟΝ

ΑΘΗΝΑΙ, 31. — Ἐξερράγη πυρκαγιὰ εἰς ξυλοδεψεῖον τοῦ Περιστερίου. Αἱ ζημίαι ὑπολογίζονται εἰς 500.000 δραχμάς.

ΜΟΣΧΑ, 31. (Ἠνωμ. Τύπος). — Ὁ γνωστὸς ὡς «διαφωνῶν» πρὸς τὸ σοβιετικὸν καθεστὼς Βλαδίμηρος Μπουκόφσκυ συνελήφθη ὑπὸ τῆς ἀστυνομίας εἰς τὴν οἰκίαν του.

ΕΝΘΟΥΣΙΩΔΟΥΣ ΥΠΟΔΟΧΗΣ ΕΤΥΧΟΝ ΕΙΣ ΤΗΝ ΠΡΟΥΣΑΝ ΕΠΤΑ ΝΑΝΟΙ ΜΕΤΕΧΟΝΤΕΣ ΕΙΣ ΤΟ «ΤΥΡΙΣΜΑ» ΤΑΙΝΙΑΣ
ΑΙ ΜΕΤΑΒΟΛΑΙ ΑΞΙΩΜΑΤΙΚΩΝ ΤΗΣ ΧΩΡΟΦΥΛΑΚΗΣ

ΑΘΗΝΑΙ, 31. — Ἐδημοσιεύθησαν αἱ μεταβολαὶ ἀξιωματικῶν τῆς χωροφυλακῆς, αἱ ὁποῖαι ἀφοροῦν εἰς 107 τάξεις.

Η ΣΥΖΗΤΗΣΙΣ ΤΗΣ ΑΙΤΗΣΕΩΣ ΔΙΑ ΤΗΝ ΑΠΑΛΛΟΤΡΙΩΣΙΝ ΤΗΣ ΕΚΤΑΣΕΩΣ ΕΙΣ ΠΑΧΗΝ

ΑΘΗΝΑΙ, 31. — Ἡ συζήτησις τῆς αἰτήσεως διὰ τὴν ἀπαλλοτρίωσιν τῆς ἐκτάσεως εἰς Πάχην Μεγάρων ἀνεβλήθη διὰ τὴν 10ην Ἀπριλίου.

ΚΩΝΣΤΑΝΤΙΝΟΥΠΟΛΙΣ, 31. — Ἑπτὰ νᾶνοι, οἱ ὁποῖοι μετέχουν εἰς τὸ γύρισμα ταινίας, ἔτυχον ἐνθουσιώδους ὑποδοχῆς εἰς τὴν Προῦσαν.

Ο ΧΑΡΡΕΛ ΔΙ' ΕΠΙΣΤΟΛΗΣ ΤΟΥ ΠΡΟΣ ΤΟΝ ΑΝΤΙΒΑΣΙΛΕΑ ΕΞΑΙΡΕΙ ΤΟΝ ΡΟΛΟΝ ΤΗΣ ΧΩΡΑΣ ΜΑΣ ΕΙΣ ΤΟ ΝΑΤΟ

ΑΘΗΝΑΙ, 31. — Ὁ γενικὸς γραμματεὺς τοῦ ΝΑΤΟ κ. Λούνς, εἰς ἐπιστολήν του πρὸς τὸν ἀντιβασιλέα στρατηγὸν κ. Ζωιτάκην, ἐξαίρει τὸν ρόλον τῆς Ἑλλάδος εἰς τὴν Ἀτλαντικὴν Συμμαχίαν καὶ τὴν συμβολήν της εἰς τὴν ἀσφάλειαν τῆς νοτιοανατολικῆς πτέρυγος.

ΕΟΡΤΑΖΕΤΑΙ ΣΗΜΕΡΟΝ ΕΙΣ ΤΗΝ ΜΕΓΑΛΟΝΗΣΟΝ Η ΕΠΕΤΕΙΟΣ ΕΝΑΡΞΕΩΣ ΤΟΥ ΑΓΩΝΟΣ ΤΗΣ ΕΟΚΑ

ΛΕΥΚΩΣΙΑ, 31. (Τοῦ ἀνταποκριτοῦ μας). — Ἡ Κύπρος ἑορτάζει σήμερον τὴν 16ην ἐπέτειον τῆς ἐνάρξεως τοῦ ἀπελευθερωτικοῦ ἀγῶνος τῆς ΕΟΚΑ. Εἰς ὅλας τὰς πόλεις θὰ τελεσθοῦν δοξολογίαι καὶ μνημόσυνα.

ΛΕΥΚΩΣΙΑ, 31. — Ὁ ἀρχιεπίσκοπος Μακάριος ἀπηύθυνε μήνυμα πρὸς τὸν κυπριακὸν λαόν, τονίζων ὅτι ὁ ἀγὼν συνεχίζεται.

Η ΚΥΒΕΡΝΗΣΙΣ ΧΗΟ ΔΕΝ ΦΟΒΕΙΤΑΙ ΤΗΝ ΧΡΥΣΟΘΗΡΙΑΝ

ΛΟΝΔΙΝΟΝ, 31. (Ρώυτερ). — Αἱ ἀρμόδιαι ἀρχαὶ δηλώνουν ὅτι δὲν ἀνησυχοῦν διὰ τὴν αὔξησιν τῆς ζητήσεως χρυσοῦ εἰς τὴν ἀγοράν.
